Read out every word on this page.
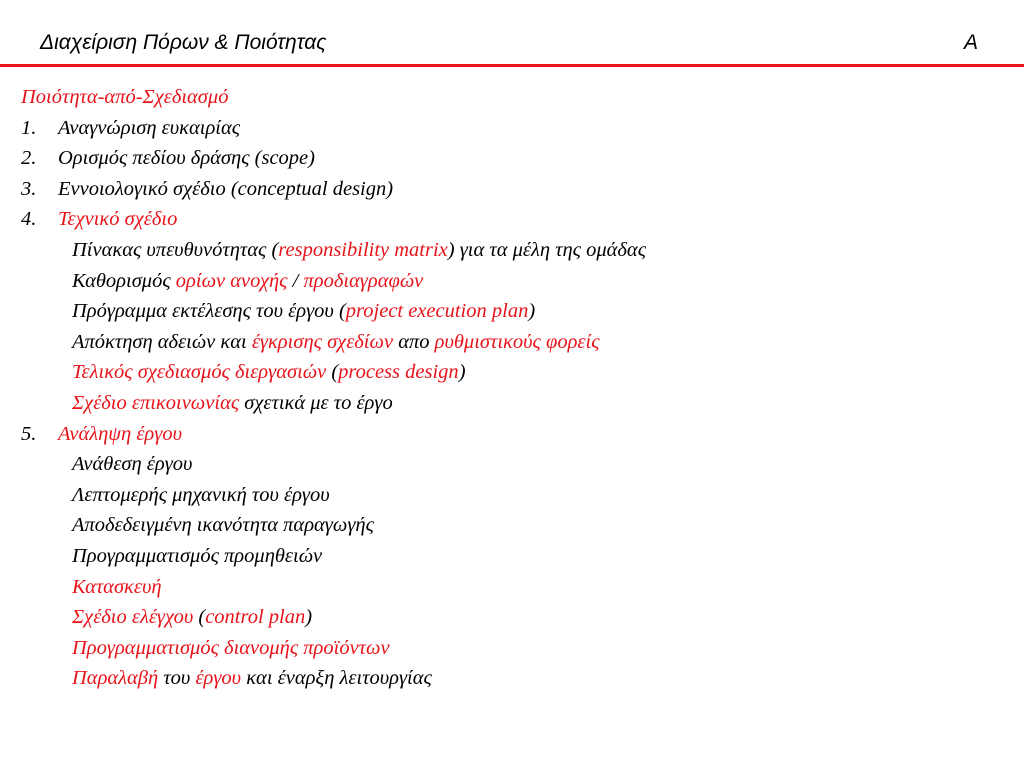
Διαχείριση Πόρων & Ποιότητας	A
Ποιότητα-από-Σχεδιασμό
1. Αναγνώριση ευκαιρίας
2. Ορισμός πεδίου δράσης (scope)
3. Εννοιολογικό σχέδιο (conceptual design)
4. Τεχνικό σχέδιο
Πίνακας υπευθυνότητας (responsibility matrix) για τα μέλη της ομάδας
Καθορισμός ορίων ανοχής / προδιαγραφών
Πρόγραμμα εκτέλεσης του έργου (project execution plan)
Απόκτηση αδειών και έγκρισης σχεδίων απο ρυθμιστικούς φορείς
Τελικός σχεδιασμός διεργασιών (process design)
Σχέδιο επικοινωνίας σχετικά με το έργο
5. Ανάληψη έργου
Ανάθεση έργου
Λεπτομερής μηχανική του έργου
Αποδεδειγμένη ικανότητα παραγωγής
Προγραμματισμός προμηθειών
Κατασκευή
Σχέδιο ελέγχου (control plan)
Προγραμματισμός διανομής προϊόντων
Παραλαβή του έργου και έναρξη λειτουργίας
